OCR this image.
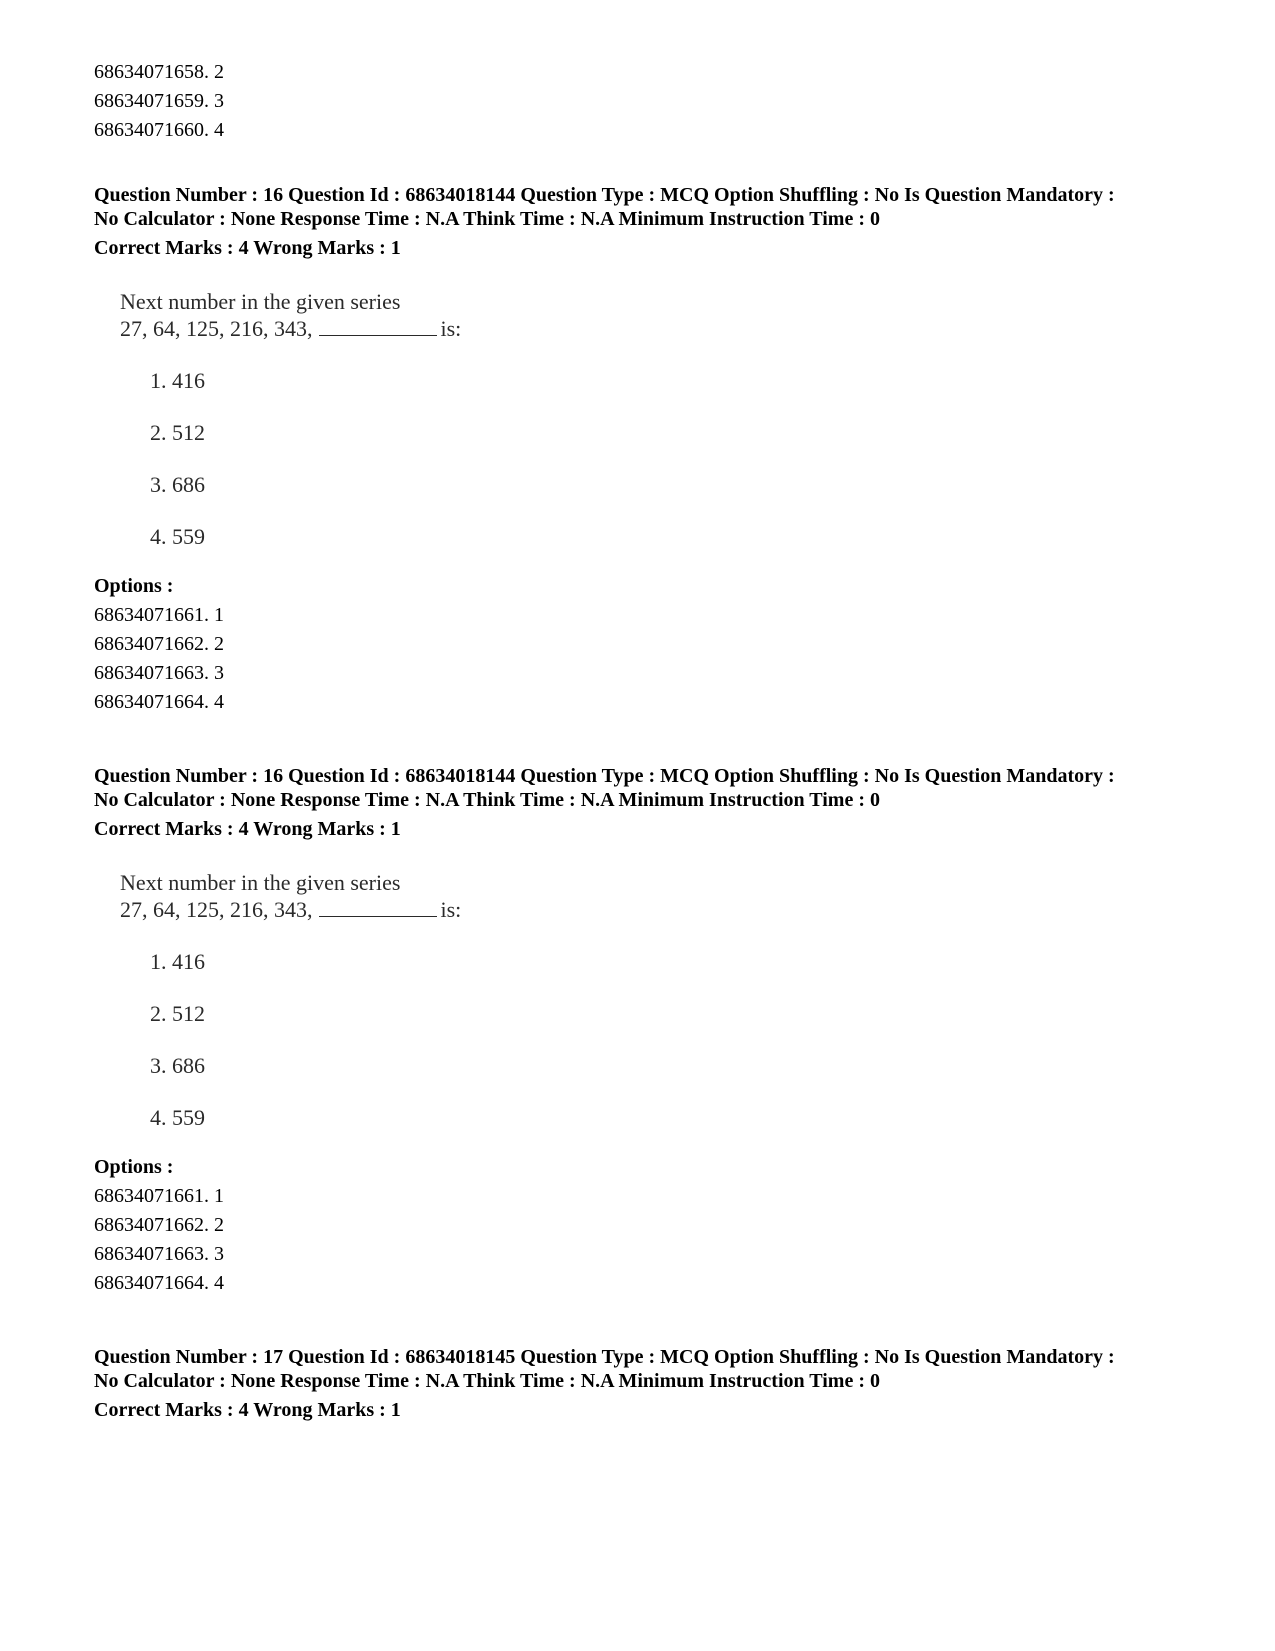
68634071658. 2
68634071659. 3
68634071660. 4
Question Number : 16 Question Id : 68634018144 Question Type : MCQ Option Shuffling : No Is Question Mandatory :
No Calculator : None Response Time : N.A Think Time : N.A Minimum Instruction Time : 0
Correct Marks : 4 Wrong Marks : 1
Next number in the given series
27, 64, 125, 216, 343,	is:
1. 416
2. 512
3. 686
4. 559
Options :
68634071661. 1
68634071662. 2
68634071663. 3
68634071664. 4
Question Number : 16 Question Id : 68634018144 Question Type : MCQ Option Shuffling : No Is Question Mandatory :
No Calculator : None Response Time : N.A Think Time : N.A Minimum Instruction Time : 0
Correct Marks : 4 Wrong Marks : 1
Next number in the given series
27, 64, 125, 216, 343,	is:
1. 416
2. 512
3. 686
4. 559
Options :
68634071661. 1
68634071662. 2
68634071663. 3
68634071664. 4
Question Number : 17 Question Id : 68634018145 Question Type : MCQ Option Shuffling : No Is Question Mandatory :
No Calculator : None Response Time : N.A Think Time : N.A Minimum Instruction Time : 0
Correct Marks : 4 Wrong Marks : 1
